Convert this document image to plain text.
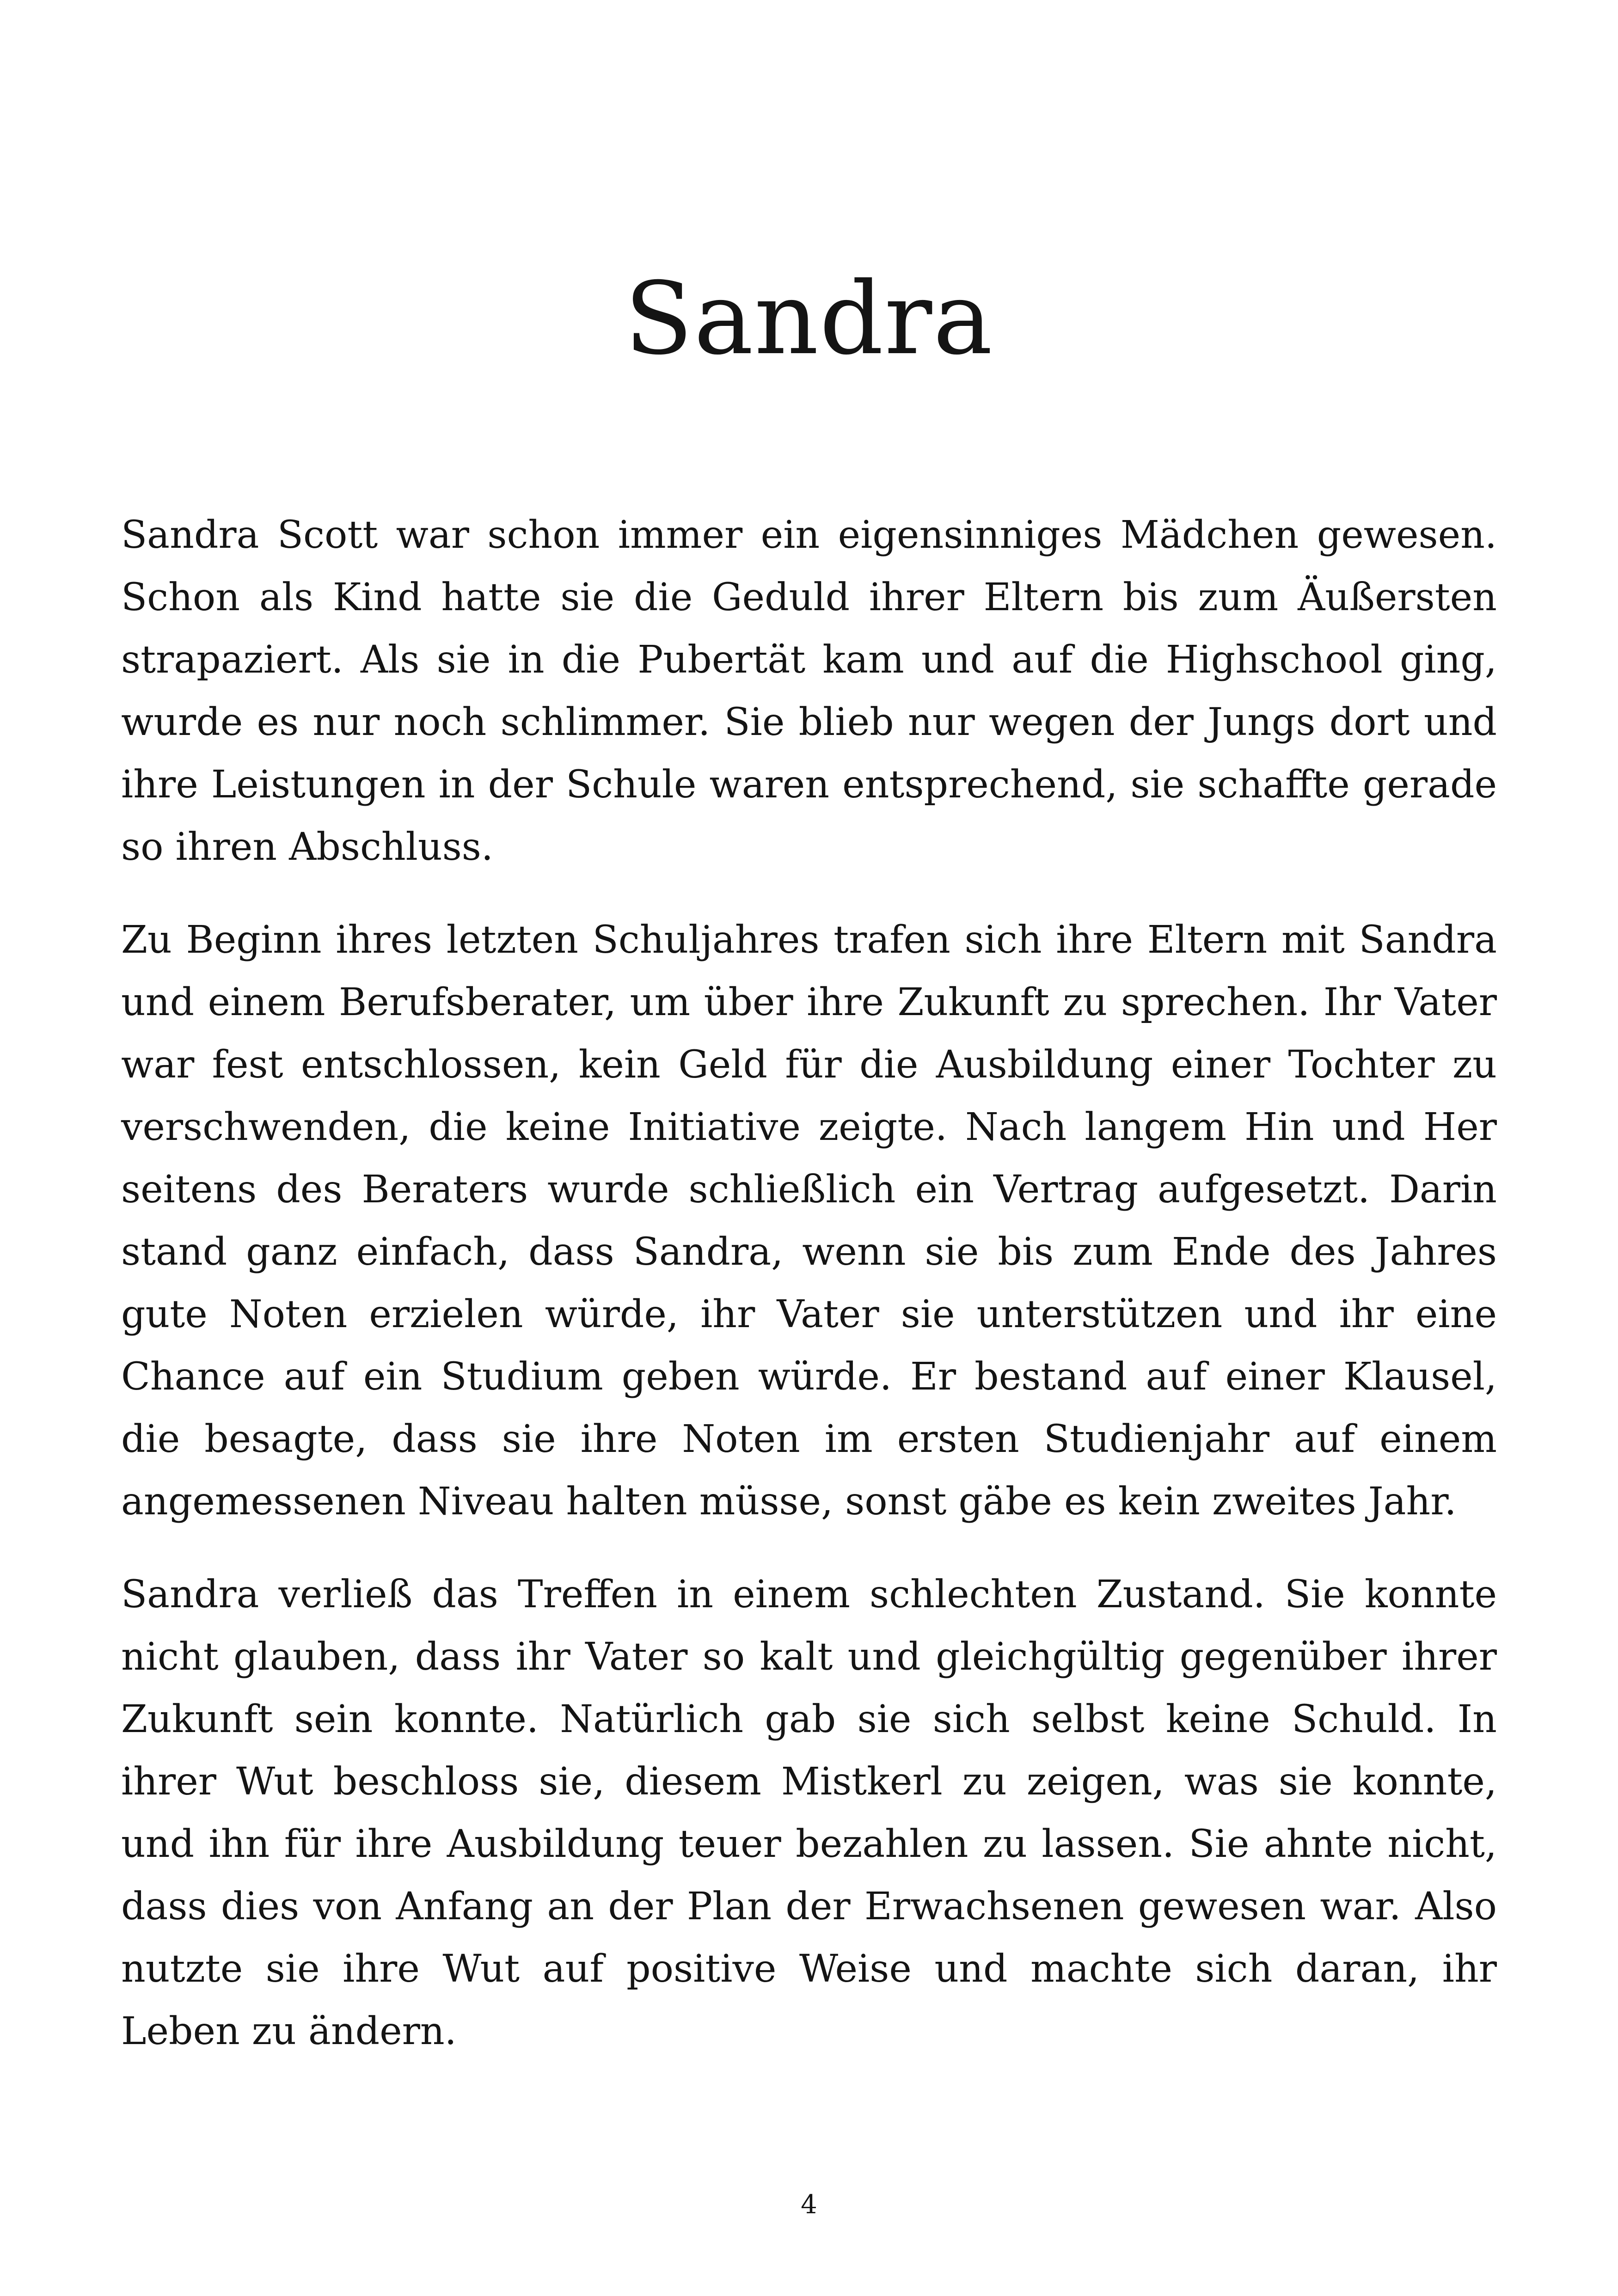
Sandra

Sandra Scott war schon immer ein eigensinniges Mädchen gewesen. Schon als Kind hatte sie die Geduld ihrer Eltern bis zum Äußersten strapaziert. Als sie in die Pubertät kam und auf die Highschool ging, wurde es nur noch schlimmer. Sie blieb nur wegen der Jungs dort und ihre Leistungen in der Schule waren entsprechend, sie schaffte gerade so ihren Abschluss.

Zu Beginn ihres letzten Schuljahres trafen sich ihre Eltern mit Sandra und einem Berufsberater, um über ihre Zukunft zu sprechen. Ihr Vater war fest entschlossen, kein Geld für die Ausbildung einer Tochter zu verschwenden, die keine Initiative zeigte. Nach langem Hin und Her seitens des Beraters wurde schließlich ein Vertrag aufgesetzt. Darin stand ganz einfach, dass Sandra, wenn sie bis zum Ende des Jahres gute Noten erzielen würde, ihr Vater sie unterstützen und ihr eine Chance auf ein Studium geben würde. Er bestand auf einer Klausel, die besagte, dass sie ihre Noten im ersten Studienjahr auf einem angemessenen Niveau halten müsse, sonst gäbe es kein zweites Jahr.

Sandra verließ das Treffen in einem schlechten Zustand. Sie konnte nicht glauben, dass ihr Vater so kalt und gleichgültig gegenüber ihrer Zukunft sein konnte. Natürlich gab sie sich selbst keine Schuld. In ihrer Wut beschloss sie, diesem Mistkerl zu zeigen, was sie konnte, und ihn für ihre Ausbildung teuer bezahlen zu lassen. Sie ahnte nicht, dass dies von Anfang an der Plan der Erwachsenen gewesen war. Also nutzte sie ihre Wut auf positive Weise und machte sich daran, ihr Leben zu ändern.

4
